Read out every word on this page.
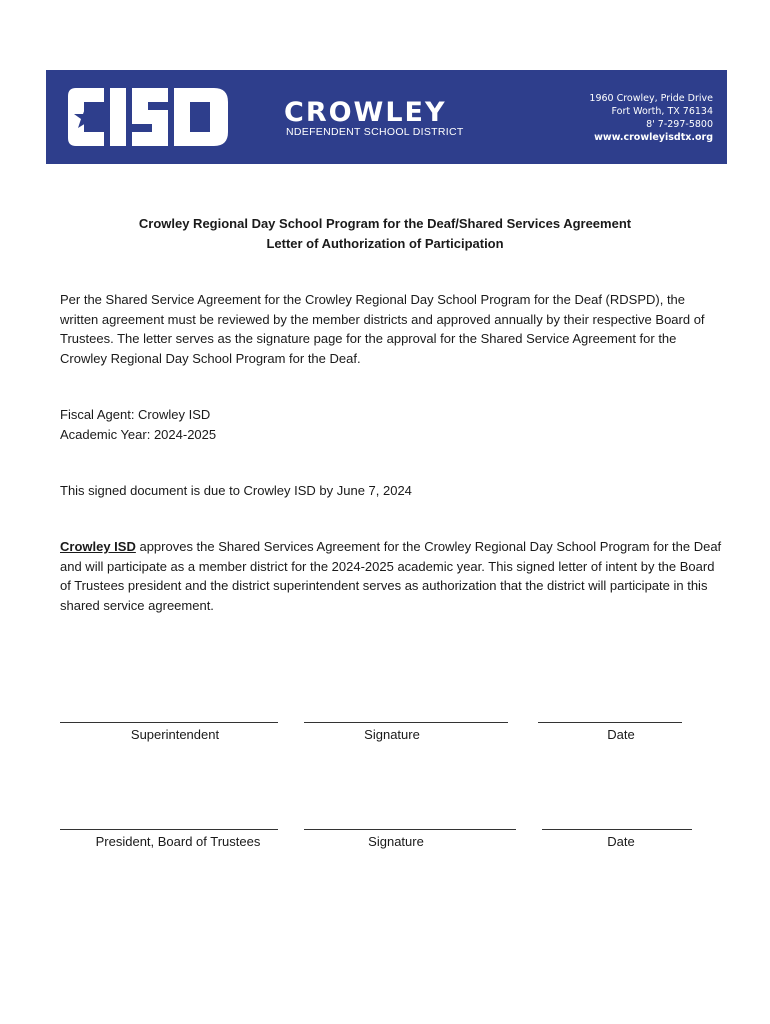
CROWLEY
NDEFENDENT SCHOOL DISTRICT
1960 Crowley, Pride Drive
Fort Worth, TX 76134
8' 7-297-5800
www.crowleyisdtx.org
Crowley Regional Day School Program for the Deaf/Shared Services Agreement
Letter of Authorization of Participation
Per the Shared Service Agreement for the Crowley Regional Day School Program for the Deaf (RDSPD), the written agreement must be reviewed by the member districts and approved annually by their respective Board of Trustees. The letter serves as the signature page for the approval for the Shared Service Agreement for the Crowley Regional Day School Program for the Deaf.
Fiscal Agent: Crowley ISD
Academic Year: 2024-2025
This signed document is due to Crowley ISD by June 7, 2024
Crowley ISD approves the Shared Services Agreement for the Crowley Regional Day School Program for the Deaf and will participate as a member district for the 2024-2025 academic year. This signed letter of intent by the Board of Trustees president and the district superintendent serves as authorization that the district will participate in this shared service agreement.
Superintendent	Signature	Date
President, Board of Trustees	Signature	Date
